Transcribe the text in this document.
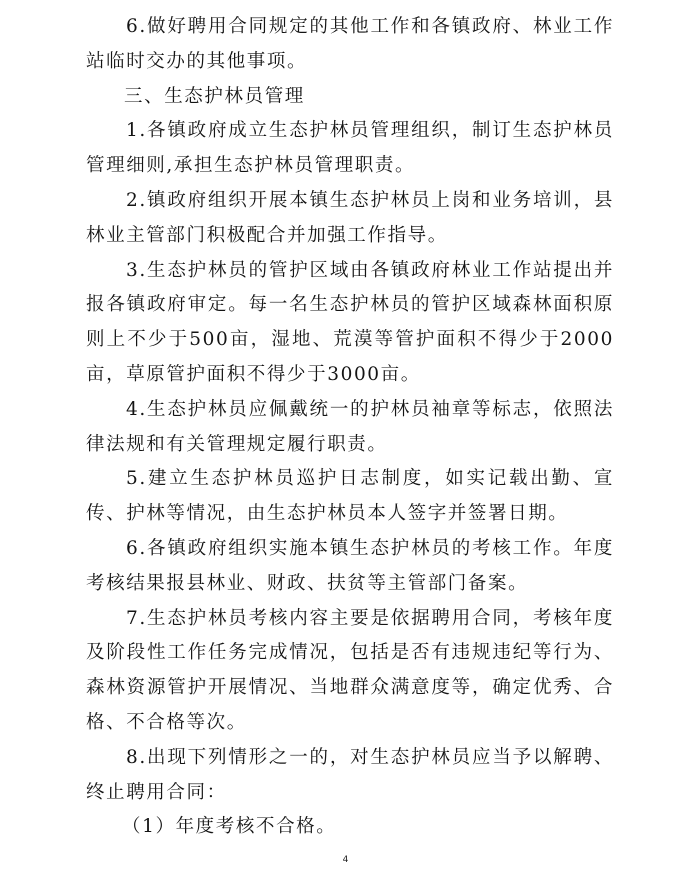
6.做好聘用合同规定的其他工作和各镇政府、林业工作站临时交办的其他事项。

三、生态护林员管理

1.各镇政府成立生态护林员管理组织，制订生态护林员管理细则,承担生态护林员管理职责。

2.镇政府组织开展本镇生态护林员上岗和业务培训，县林业主管部门积极配合并加强工作指导。

3.生态护林员的管护区域由各镇政府林业工作站提出并报各镇政府审定。每一名生态护林员的管护区域森林面积原则上不少于500亩，湿地、荒漠等管护面积不得少于2000亩，草原管护面积不得少于3000亩。

4.生态护林员应佩戴统一的护林员袖章等标志，依照法律法规和有关管理规定履行职责。

5.建立生态护林员巡护日志制度，如实记载出勤、宣传、护林等情况，由生态护林员本人签字并签署日期。

6.各镇政府组织实施本镇生态护林员的考核工作。年度考核结果报县林业、财政、扶贫等主管部门备案。

7.生态护林员考核内容主要是依据聘用合同，考核年度及阶段性工作任务完成情况，包括是否有违规违纪等行为、森林资源管护开展情况、当地群众满意度等，确定优秀、合格、不合格等次。

8.出现下列情形之一的，对生态护林员应当予以解聘、终止聘用合同：

（1）年度考核不合格。

4
